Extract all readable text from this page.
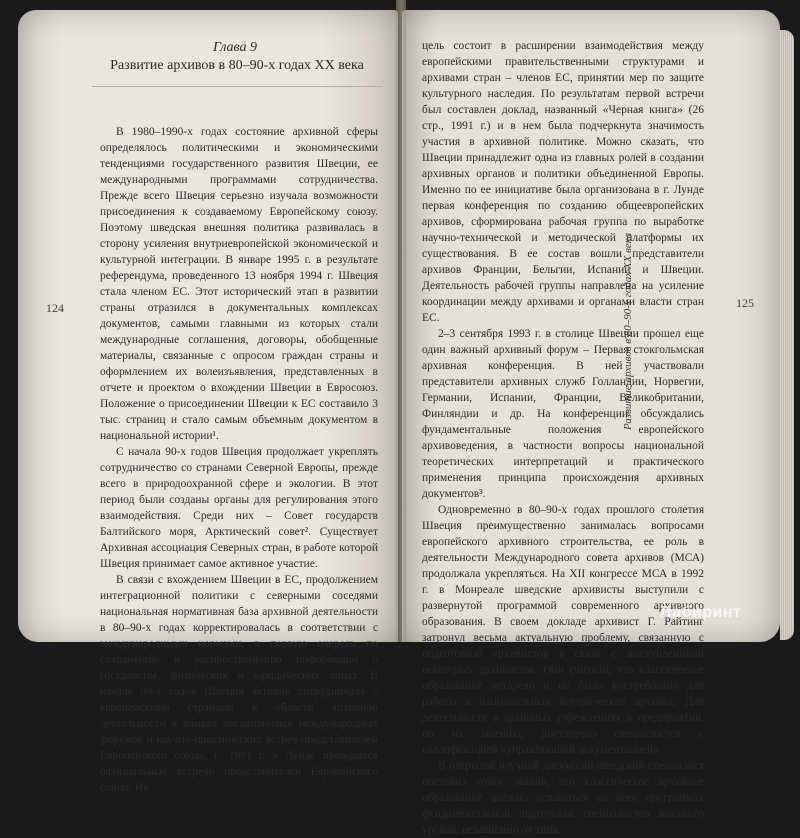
Глава 9
Развитие архивов в 80–90-х годах XX века

В 1980–1990-х годах состояние архивной сферы определялось политическими и экономическими тенденциями государственного развития Швеции, ее международными программами сотрудничества. Прежде всего Швеция серьезно изучала возможности присоединения к создаваемому Европейскому союзу. Поэтому шведская внешняя политика развивалась в сторону усиления внутриевропейской экономической и культурной интеграции. В январе 1995 г. в результате референдума, проведенного 13 ноября 1994 г. Швеция стала членом ЕС. Этот исторический этап в развитии страны отразился в документальных комплексах документов, самыми главными из которых стали международные соглашения, договоры, обобщенные материалы, связанные с опросом граждан страны и оформлением их волеизъявления, представленных в отчете и проектом о вхождении Швеции в Евросоюз. Положение о присоединении Швеции к ЕС составило 3 тыс. страниц и стало самым объемным документом в национальной истории¹.

С начала 90-х годов Швеция продолжает укреплять сотрудничество со странами Северной Европы, прежде всего в природоохранной сфере и экологии. В этот период были созданы органы для регулирования этого взаимодействия. Среди них – Совет государств Балтийского моря, Арктический совет². Существует Архивная ассоциация Северных стран, в работе которой Швеция принимает самое активное участие.

В связи с вхождением Швеции в ЕС, продолжением интеграционной политики с северными соседями национальная нормативная база архивной деятельности в 80–90-х годах корректировалась в соответствии с международными нормами, в первую очередь по сохранению и распространению информации о государстве, физических и юридических лицах. В начале 90-х годов Швеция активно сотрудничала с европейскими странами в области архивной деятельности в рамках организуемых международных форумов и научно-практических встреч представителей Европейского союза. С 1991 г. в Лунде проводятся официальные встречи представителей Европейского союза. Их

цель состоит в расширении взаимодействия между европейскими правительственными структурами и архивами стран – членов ЕС, принятии мер по защите культурного наследия. По результатам первой встречи был составлен доклад, названный «Черная книга» (26 стр., 1991 г.) и в нем была подчеркнута значимость участия в архивной политике. Можно сказать, что Швеции принадлежит одна из главных ролей в создании архивных органов и политики объединенной Европы. Именно по ее инициативе была организована в г. Лунде первая конференция по созданию общеевропейских архивов, сформирована рабочая группа по выработке научно-технической и методической платформы их существования. В ее состав вошли представители архивов Франции, Бельгии, Испании и Швеции. Деятельность рабочей группы направлена на усиление координации между архивами и органами власти стран ЕС.

2–3 сентября 1993 г. в столице Швеции прошел еще один важный архивный форум – Первая стокгольмская архивная конференция. В ней участвовали представители архивных служб Голландии, Норвегии, Германии, Испании, Франции, Великобритании, Финляндии и др. На конференции обсуждались фундаментальные положения европейского архивоведения, в частности вопросы национальной теоретических интерпретаций и практического применения принципа происхождения архивных документов³.

Одновременно в 80–90-х годах прошлого столетия Швеция преимущественно занималась вопросами европейского архивного строительства, ее роль в деятельности Международного совета архивов (МСА) продолжала укрепляться. На XII конгрессе МСА в 1992 г. в Монреале шведские архивисты выступили с развернутой программой современного архивного образования. В своем докладе архивист Г. Райтинг затронул весьма актуальную проблему, связанную с подготовкой архивистов в связи с выступлениями некоторых архивистов. Они считали, что классическое образование устарело и не было востребовано для работы в национальных исторических архивах. Для деятельности в архивных учреждениях и предприятий, по их мнению, достаточно специалистов с квалификацией «управляющий документацией».

В открытой научной дискуссии шведский специалист поставил точку, заявив, что классическое архивное образование должно оставаться во всех программах фундаментальной подготовки специалистов высокого уровня, независимо от типа

124	125
Развитие архивов в 80–90-х годах XX века
Лабиринт
